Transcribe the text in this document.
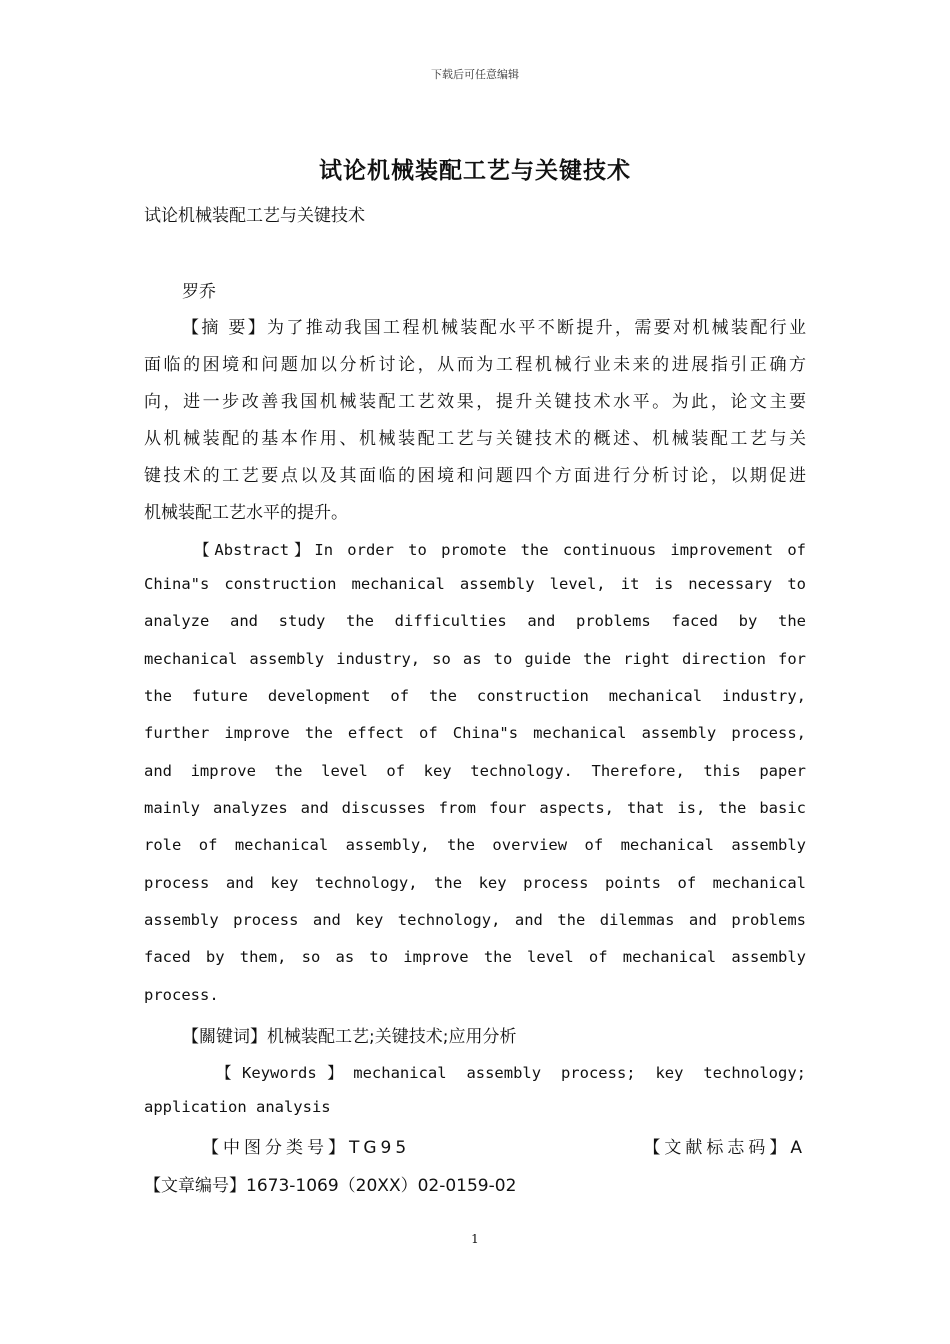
下载后可任意编辑
试论机械装配工艺与关键技术
试论机械装配工艺与关键技术
罗乔
【摘 要】为了推动我国工程机械装配水平不断提升，需要对机械装配行业
面临的困境和问题加以分析讨论，从而为工程机械行业未来的进展指引正确方
向，进一步改善我国机械装配工艺效果，提升关键技术水平。为此，论文主要
从机械装配的基本作用、机械装配工艺与关键技术的概述、机械装配工艺与关
键技术的工艺要点以及其面临的困境和问题四个方面进行分析讨论，以期促进
机械装配工艺水平的提升。
【Abstract】In order to promote the continuous improvement of
China"s construction mechanical assembly level, it is necessary to
analyze and study the difficulties and problems faced by the
mechanical assembly industry, so as to guide the right direction for
the future development of the construction mechanical industry,
further improve the effect of China"s mechanical assembly process,
and improve the level of key technology. Therefore, this paper
mainly analyzes and discusses from four aspects, that is, the basic
role of mechanical assembly, the overview of mechanical assembly
process and key technology, the key process points of mechanical
assembly process and key technology, and the dilemmas and problems
faced by them, so as to improve the level of mechanical assembly
process.
【關键词】机械装配工艺;关键技术;应用分析
【Keywords】mechanical assembly process; key technology;
application analysis
【中图分类号】TG95	【文献标志码】A
【文章编号】1673-1069（20XX）02-0159-02
1
